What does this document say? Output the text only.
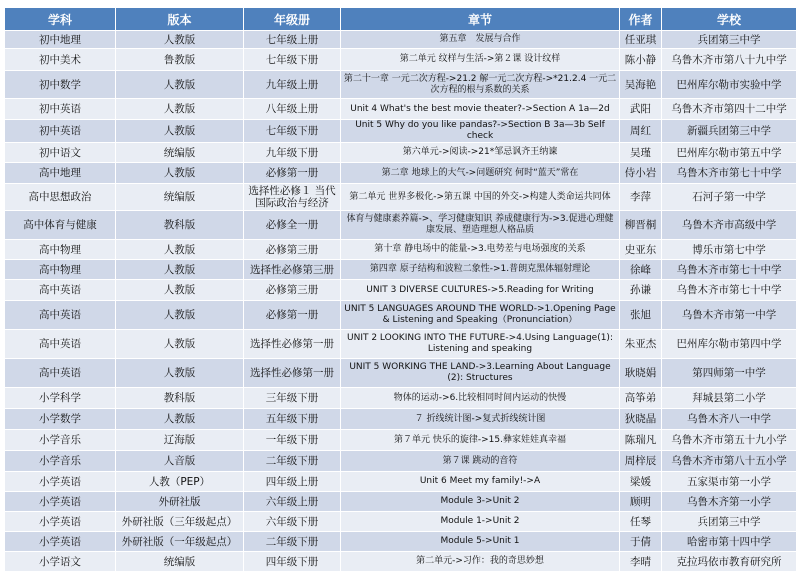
学科	版本	年级册	章节	作者	学校
初中地理	人教版	七年级上册	第五章　发展与合作	任亚琪	兵团第三中学
初中美术	鲁教版	七年级下册	第二单元 纹样与生活->第２课 设计纹样	陈小静	乌鲁木齐市第八十九中学
初中数学	人教版	九年级上册	第二十一章 一元二次方程->21.2 解一元二次方程->*21.2.4 一元二次方程的根与系数的关系	吴海艳	巴州库尔勒市实验中学
初中英语	人教版	八年级上册	Unit 4 What's the best movie theater?->Section A 1a—2d	武阳	乌鲁木齐市第四十二中学
初中英语	人教版	七年级下册	Unit 5 Why do you like pandas?->Section B 3a—3b Self check	周红	新疆兵团第三中学
初中语文	统编版	九年级下册	第六单元->阅读->21*邹忌讽齐王纳谏	吴瑾	巴州库尔勒市第五中学
高中地理	人教版	必修第一册	第二章 地球上的大气->问题研究 何时“蓝天”常在	侍小岩	乌鲁木齐市第七十中学
高中思想政治	统编版	选择性必修１ 当代国际政治与经济	第二单元 世界多极化->第五课 中国的外交->构建人类命运共同体	李萍	石河子第一中学
高中体育与健康	教科版	必修全一册	体育与健康素养篇->、学习健康知识 养成健康行为->3.促进心理健康发展、塑造理想人格品质	柳晋桐	乌鲁木齐市高级中学
高中物理	人教版	必修第三册	第十章 静电场中的能量->3.电势差与电场强度的关系	史亚东	博乐市第七中学
高中物理	人教版	选择性必修第三册	第四章 原子结构和波粒二象性->1.普朗克黑体辐射理论	徐峰	乌鲁木齐市第七十中学
高中英语	人教版	必修第三册	UNIT 3 DIVERSE CULTURES->5.Reading for Writing	孙谦	乌鲁木齐市第七十中学
高中英语	人教版	必修第一册	UNIT 5 LANGUAGES AROUND THE WORLD->1.Opening Page & Listening and Speaking（Pronunciation）	张旭	乌鲁木齐市第一中学
高中英语	人教版	选择性必修第一册	UNIT 2 LOOKING INTO THE FUTURE->4.Using Language(1): Listening and speaking	朱亚杰	巴州库尔勒市第四中学
高中英语	人教版	选择性必修第一册	UNIT 5 WORKING THE LAND->3.Learning About Language (2): Structures	耿晓娟	第四师第一中学
小学科学	教科版	三年级下册	物体的运动->6.比较相同时间内运动的快慢	高筝弟	拜城县第二小学
小学数学	人教版	五年级下册	７ 折线统计图->复式折线统计图	狄晓晶	乌鲁木齐八一中学
小学音乐	辽海版	一年级下册	第７单元 快乐的旋律->15.彝家娃娃真幸福	陈瑞凡	乌鲁木齐市第五十九小学
小学音乐	人音版	二年级下册	第７课 跳动的音符	周梓辰	乌鲁木齐市第八十五小学
小学英语	人教（PEP）	四年级上册	Unit 6 Meet my family!->A	梁媛	五家渠市第一小学
小学英语	外研社版	六年级上册	Module 3->Unit 2	顾明	乌鲁木齐第一小学
小学英语	外研社版（三年级起点）	六年级下册	Module 1->Unit 2	任琴	兵团第三中学
小学英语	外研社版（一年级起点）	二年级下册	Module 5->Unit 1	于倩	哈密市第十四中学
小学语文	统编版	四年级下册	第二单元->习作：我的奇思妙想	李晴	克拉玛依市教育研究所
